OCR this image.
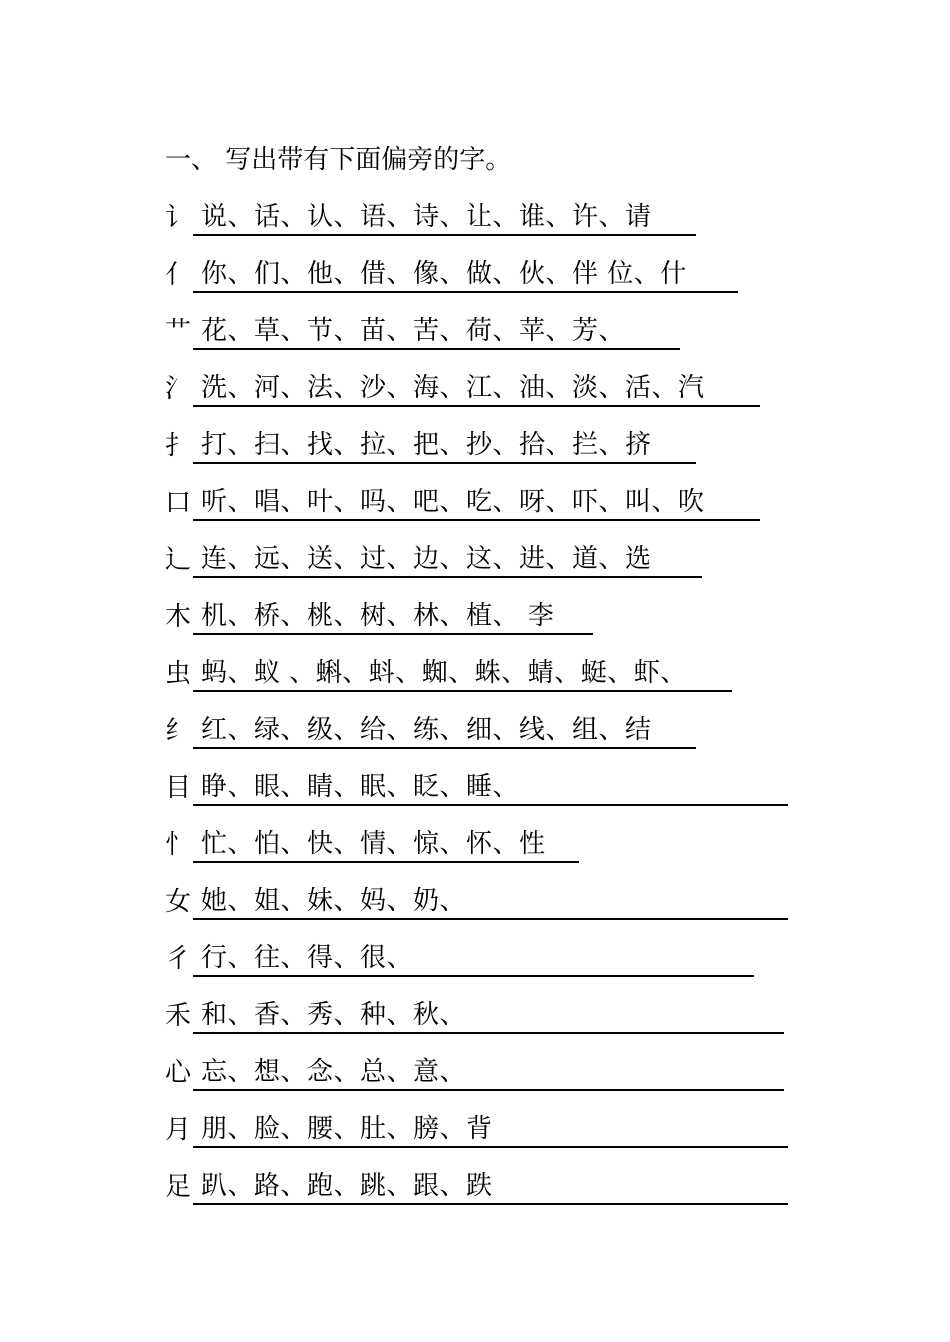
一、 写出带有下面偏旁的字。
讠 说、话、认、语、诗、让、谁、许、请
亻 你、们、他、借、像、做、伙、伴 位、什
艹 花、草、节、苗、苦、荷、苹、芳、
氵 洗、河、法、沙、海、江、油、淡、活、汽
扌 打、扫、找、拉、把、抄、拾、拦、挤
口 听、唱、叶、吗、吧、吃、呀、吓、叫、吹
辶 连、远、送、过、边、这、进、道、选
木 机、桥、桃、树、林、植、 李
虫 蚂、蚁 、蝌、蚪、蜘、蛛、蜻、蜓、虾、
纟 红、绿、级、给、练、细、线、组、结
目 睁、眼、睛、眠、眨、睡、
忄 忙、怕、快、情、惊、怀、性
女 她、姐、妹、妈、奶、
彳 行、往、得、很、
禾 和、香、秀、种、秋、
心 忘、想、念、总、意、
月 朋、脸、腰、肚、膀、背
足 趴、路、跑、跳、跟、跌
